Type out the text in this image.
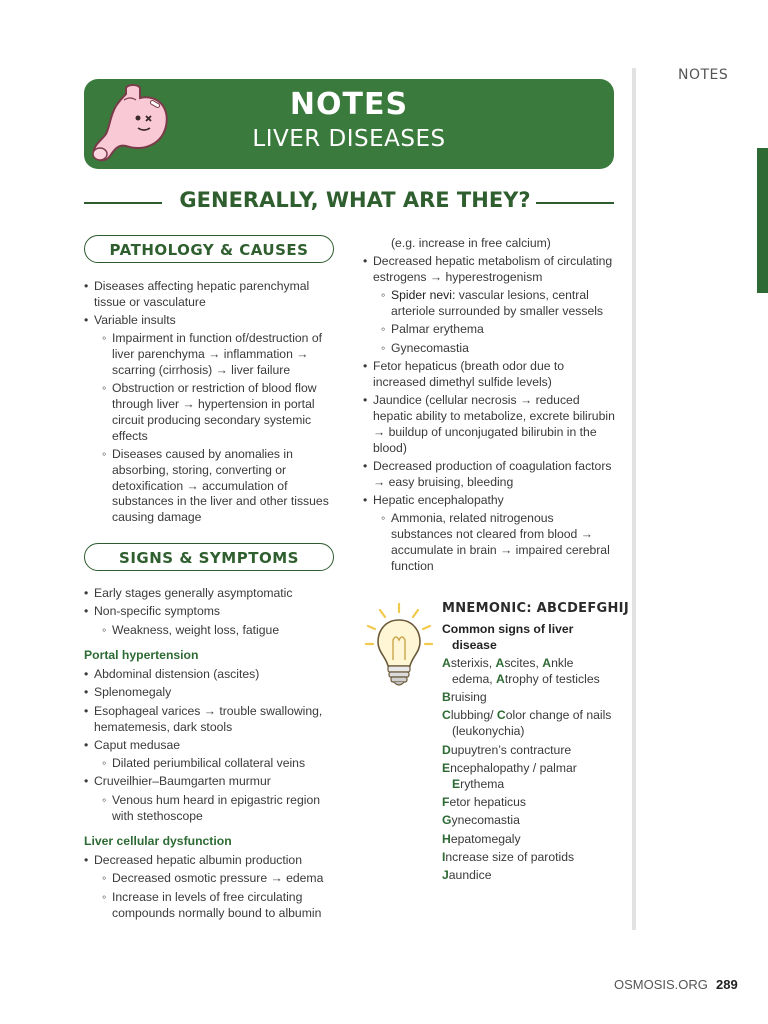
NOTES
NOTES
LIVER DISEASES
GENERALLY, WHAT ARE THEY?
PATHOLOGY & CAUSES
• Diseases affecting hepatic parenchymal tissue or vasculature
• Variable insults
◦ Impairment in function of/destruction of liver parenchyma → inflammation → scarring (cirrhosis) → liver failure
◦ Obstruction or restriction of blood flow through liver → hypertension in portal circuit producing secondary systemic effects
◦ Diseases caused by anomalies in absorbing, storing, converting or detoxification → accumulation of substances in the liver and other tissues causing damage
SIGNS & SYMPTOMS
• Early stages generally asymptomatic
• Non-specific symptoms
◦ Weakness, weight loss, fatigue
Portal hypertension
• Abdominal distension (ascites)
• Splenomegaly
• Esophageal varices → trouble swallowing, hematemesis, dark stools
• Caput medusae
◦ Dilated periumbilical collateral veins
• Cruveilhier–Baumgarten murmur
◦ Venous hum heard in epigastric region with stethoscope
Liver cellular dysfunction
• Decreased hepatic albumin production
◦ Decreased osmotic pressure → edema
◦ Increase in levels of free circulating compounds normally bound to albumin
(e.g. increase in free calcium)
• Decreased hepatic metabolism of circulating estrogens → hyperestrogenism
◦ Spider nevi: vascular lesions, central arteriole surrounded by smaller vessels
◦ Palmar erythema
◦ Gynecomastia
• Fetor hepaticus (breath odor due to increased dimethyl sulfide levels)
• Jaundice (cellular necrosis → reduced hepatic ability to metabolize, excrete bilirubin → buildup of unconjugated bilirubin in the blood)
• Decreased production of coagulation factors → easy bruising, bleeding
• Hepatic encephalopathy
◦ Ammonia, related nitrogenous substances not cleared from blood → accumulate in brain → impaired cerebral function
MNEMONIC: ABCDEFGHIJ
Common signs of liver
disease
Asterixis, Ascites, Ankle
edema, Atrophy of testicles
Bruising
Clubbing/ Color change of nails
(leukonychia)
Dupuytren’s contracture
Encephalopathy / palmar
Erythema
Fetor hepaticus
Gynecomastia
Hepatomegaly
Increase size of parotids
Jaundice
OSMOSIS.ORG 289
